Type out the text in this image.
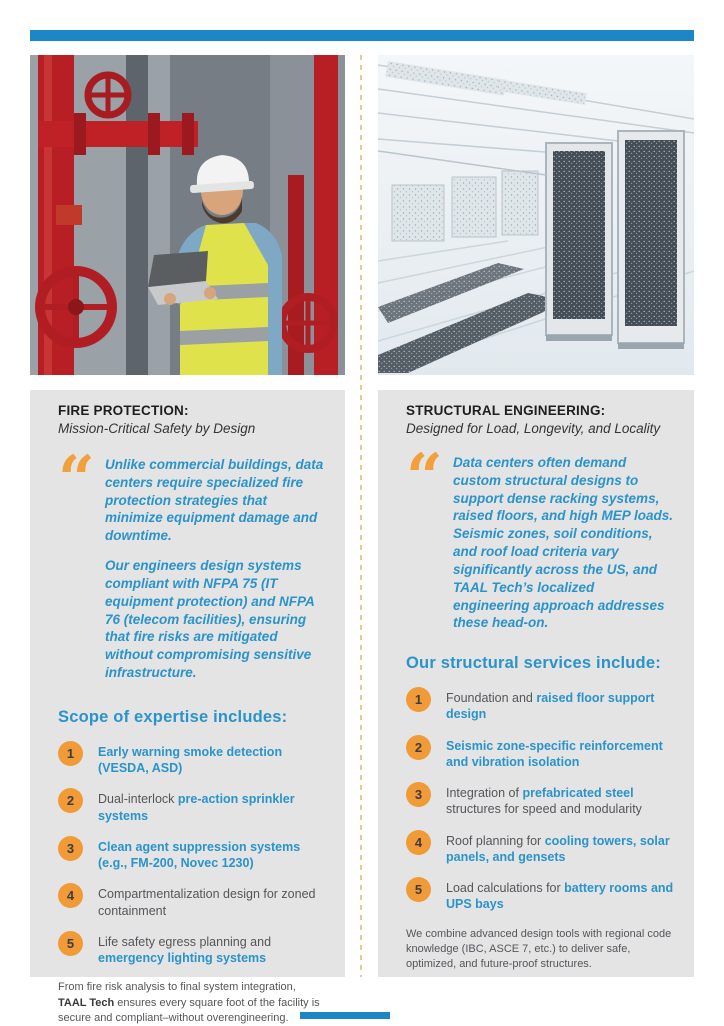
FIRE PROTECTION:

Mission-Critical Safety by Design

“ Unlike commercial buildings, data centers require specialized fire protection strategies that minimize equipment damage and downtime.

Our engineers design systems compliant with NFPA 75 (IT equipment protection) and NFPA 76 (telecom facilities), ensuring that fire risks are mitigated without compromising sensitive infrastructure.

Scope of expertise includes:
1	Early warning smoke detection (VESDA, ASD)
2	Dual-interlock pre-action sprinkler systems
3	Clean agent suppression systems (e.g., FM-200, Novec 1230)
4	Compartmentalization design for zoned containment
5	Life safety egress planning and emergency lighting systems

From fire risk analysis to final system integration, TAAL Tech ensures every square foot of the facility is secure and compliant–without overengineering.

STRUCTURAL ENGINEERING:

Designed for Load, Longevity, and Locality

“ Data centers often demand custom structural designs to support dense racking systems, raised floors, and high MEP loads. Seismic zones, soil conditions, and roof load criteria vary significantly across the US, and TAAL Tech’s localized engineering approach addresses these head-on.

Our structural services include:
1	Foundation and raised floor support design
2	Seismic zone-specific reinforcement and vibration isolation
3	Integration of prefabricated steel structures for speed and modularity
4	Roof planning for cooling towers, solar panels, and gensets
5	Load calculations for battery rooms and UPS bays

We combine advanced design tools with regional code knowledge (IBC, ASCE 7, etc.) to deliver safe, optimized, and future-proof structures.
